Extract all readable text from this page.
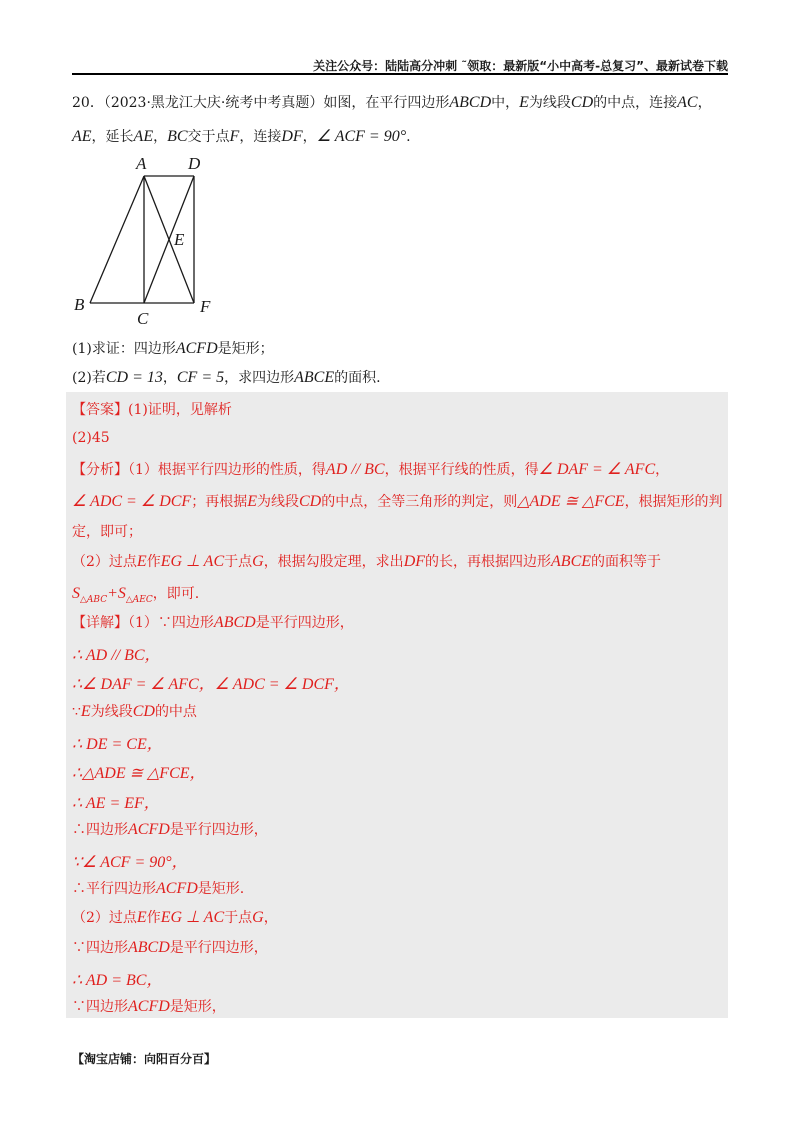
关注公众号：陆陆高分冲刺 ˜领取：最新版“小中高考-总复习”、最新试卷下载
20．（2023·黑龙江大庆·统考中考真题）如图，在平行四边形ABCD中，E为线段CD的中点，连接AC，
AE，延长AE，BC交于点F，连接DF，∠ ACF = 90°.
A D
E
B
C
F
(1)求证：四边形ACFD是矩形；
(2)若CD = 13，CF = 5，求四边形ABCE的面积.
【答案】(1)证明，见解析
(2)45
【分析】（1）根据平行四边形的性质，得AD // BC，根据平行线的性质，得∠ DAF = ∠ AFC，
∠ ADC = ∠ DCF；再根据E为线段CD的中点，全等三角形的判定，则△ADE ≅ △FCE，根据矩形的判
定，即可；
（2）过点E作EG ⊥ AC于点G，根据勾股定理，求出DF的长，再根据四边形ABCE的面积等于
$S_{\triangle ABC}+S_{\triangle AEC}$，即可.
【详解】（1）∵四边形ABCD是平行四边形，
∴ AD // BC，
∴∠ DAF = ∠ AFC，∠ ADC = ∠ DCF，
∵E为线段CD的中点
∴ DE = CE，
∴△ADE ≅ △FCE，
∴ AE = EF，
∴四边形ACFD是平行四边形，
∵∠ ACF = 90°，
∴平行四边形ACFD是矩形.
（2）过点E作EG ⊥ AC于点G，
∵四边形ABCD是平行四边形，
∴ AD = BC，
∵四边形ACFD是矩形，
【淘宝店铺：向阳百分百】
